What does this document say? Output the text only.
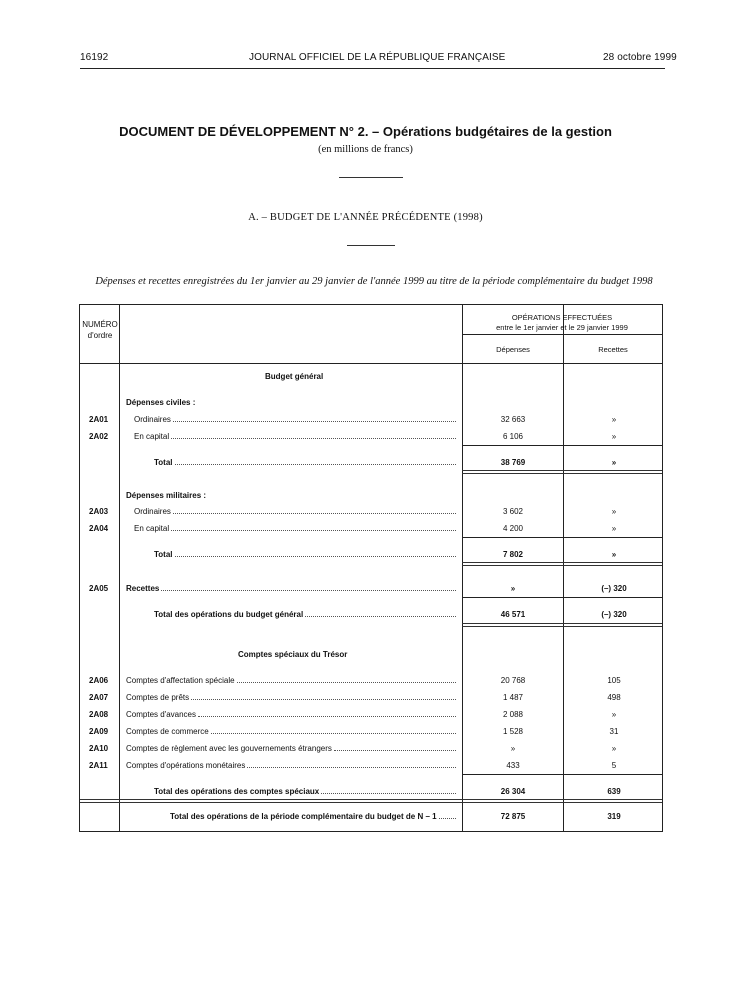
16192	JOURNAL OFFICIEL DE LA RÉPUBLIQUE FRANÇAISE	28 octobre 1999
DOCUMENT DE DÉVELOPPEMENT N° 2. – Opérations budgétaires de la gestion
(en millions de francs)
A. – BUDGET DE L'ANNÉE PRÉCÉDENTE (1998)
Dépenses et recettes enregistrées du 1er janvier au 29 janvier de l'année 1999 au titre de la période complémentaire du budget 1998
NUMÉRO d'ordre
OPÉRATIONS EFFECTUÉES
entre le 1er janvier et le 29 janvier 1999
Dépenses	Recettes
Budget général
Dépenses civiles :
2A01	Ordinaires	32 663	»
2A02	En capital	6 106	»
Total	38 769	»
Dépenses militaires :
2A03	Ordinaires	3 602	»
2A04	En capital	4 200	»
Total	7 802	»
2A05 Recettes	»	(–) 320
Total des opérations du budget général	46 571	(–) 320
Comptes spéciaux du Trésor
2A06 Comptes d'affectation spéciale	20 768	105
2A07 Comptes de prêts	1 487	498
2A08 Comptes d'avances	2 088	»
2A09 Comptes de commerce	1 528	31
2A10 Comptes de règlement avec les gouvernements étrangers	»	»
2A11 Comptes d'opérations monétaires	433	5
Total des opérations des comptes spéciaux	26 304	639
Total des opérations de la période complémentaire du budget de N – 1	72 875	319
